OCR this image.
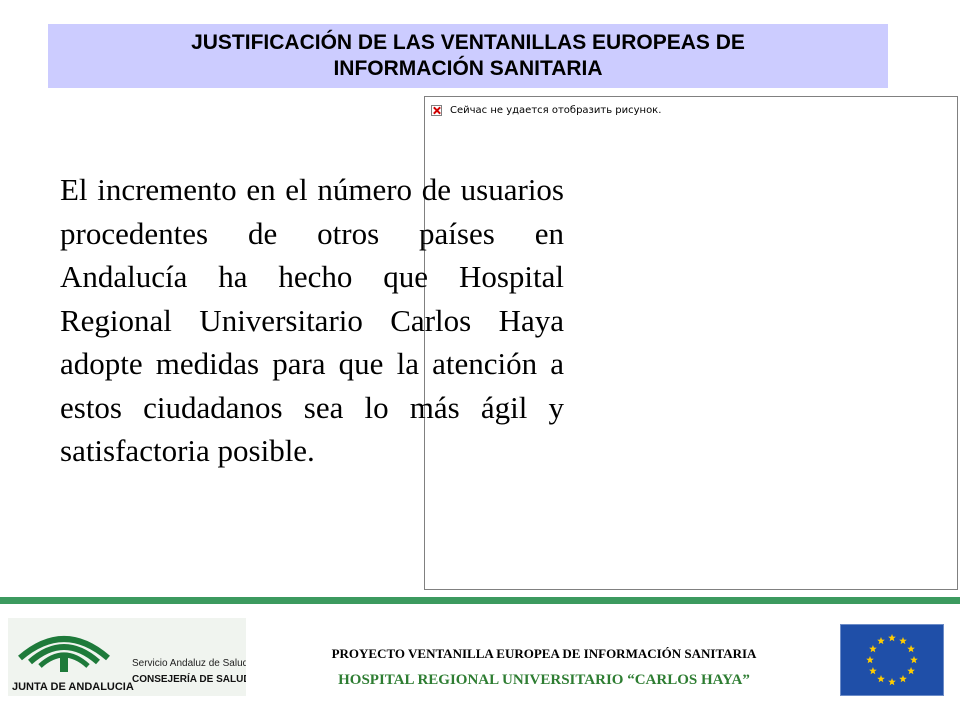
JUSTIFICACIÓN DE LAS VENTANILLAS EUROPEAS DE
INFORMACIÓN SANITARIA
Сейчас не удается отобразить рисунок.
El incremento en el número de usuarios procedentes de otros países en Andalucía ha hecho que Hospital Regional Universitario Carlos Haya adopte medidas para que la atención a estos ciudadanos sea lo más ágil y satisfactoria posible.
JUNTA DE ANDALUCIA
Servicio Andaluz de Salud
CONSEJERÍA DE SALUD
PROYECTO VENTANILLA EUROPEA DE INFORMACIÓN SANITARIA
HOSPITAL REGIONAL UNIVERSITARIO “CARLOS HAYA”
